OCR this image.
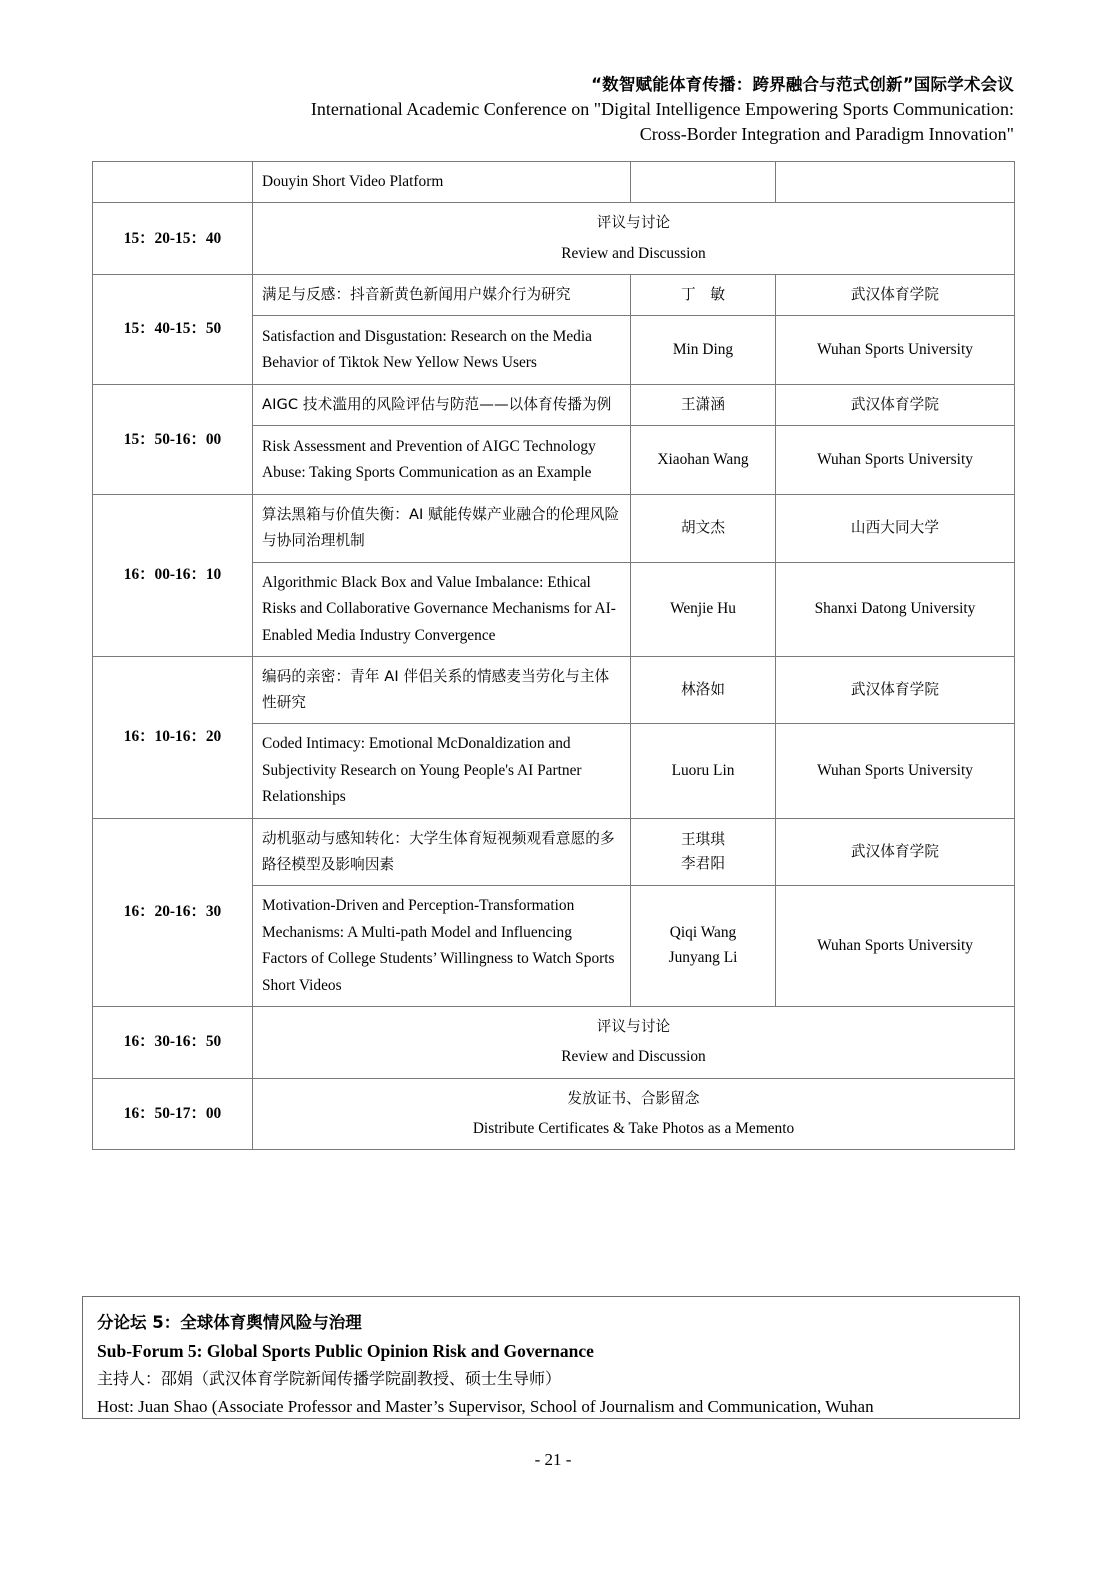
“数智赋能体育传播：跨界融合与范式创新”国际学术会议
International Academic Conference on "Digital Intelligence Empowering Sports Communication:
Cross-Border Integration and Paradigm Innovation"
	Douyin Short Video Platform		
15：20-15：40	评议与讨论
Review and Discussion		

15：40-15：50	满足与反感：抖音新黄色新闻用户媒介行为研究	丁　敏	武汉体育学院
	Satisfaction and Disgustation: Research on the Media Behavior of Tiktok New Yellow News Users	Min Ding	Wuhan Sports University
15：50-16：00	AIGC 技术滥用的风险评估与防范——以体育传播为例	王潇涵	武汉体育学院
	Risk Assessment and Prevention of AIGC Technology Abuse: Taking Sports Communication as an Example	Xiaohan Wang	Wuhan Sports University
16：00-16：10	算法黑箱与价值失衡：AI 赋能传媒产业融合的伦理风险与协同治理机制	胡文杰	山西大同大学
	Algorithmic Black Box and Value Imbalance: Ethical Risks and Collaborative Governance Mechanisms for AI-Enabled Media Industry Convergence	Wenjie Hu	Shanxi Datong University
16：10-16：20	编码的亲密：青年 AI 伴侣关系的情感麦当劳化与主体性研究	林洛如	武汉体育学院
	Coded Intimacy: Emotional McDonaldization and Subjectivity Research on Young People's AI Partner Relationships	Luoru Lin	Wuhan Sports University
16：20-16：30	动机驱动与感知转化：大学生体育短视频观看意愿的多路径模型及影响因素	王琪琪
李君阳	武汉体育学院
	Motivation-Driven and Perception-Transformation Mechanisms: A Multi-path Model and Influencing Factors of College Students’ Willingness to Watch Sports Short Videos	Qiqi Wang
Junyang Li	Wuhan Sports University
16：30-16：50	评议与讨论
Review and Discussion		

16：50-17：00	发放证书、合影留念
Distribute Certificates & Take Photos as a Memento		
分论坛 5：全球体育舆情风险与治理
Sub-Forum 5: Global Sports Public Opinion Risk and Governance
主持人：邵娟（武汉体育学院新闻传播学院副教授、硕士生导师）
Host: Juan Shao (Associate Professor and Master’s Supervisor, School of Journalism and Communication, Wuhan
- 21 -
